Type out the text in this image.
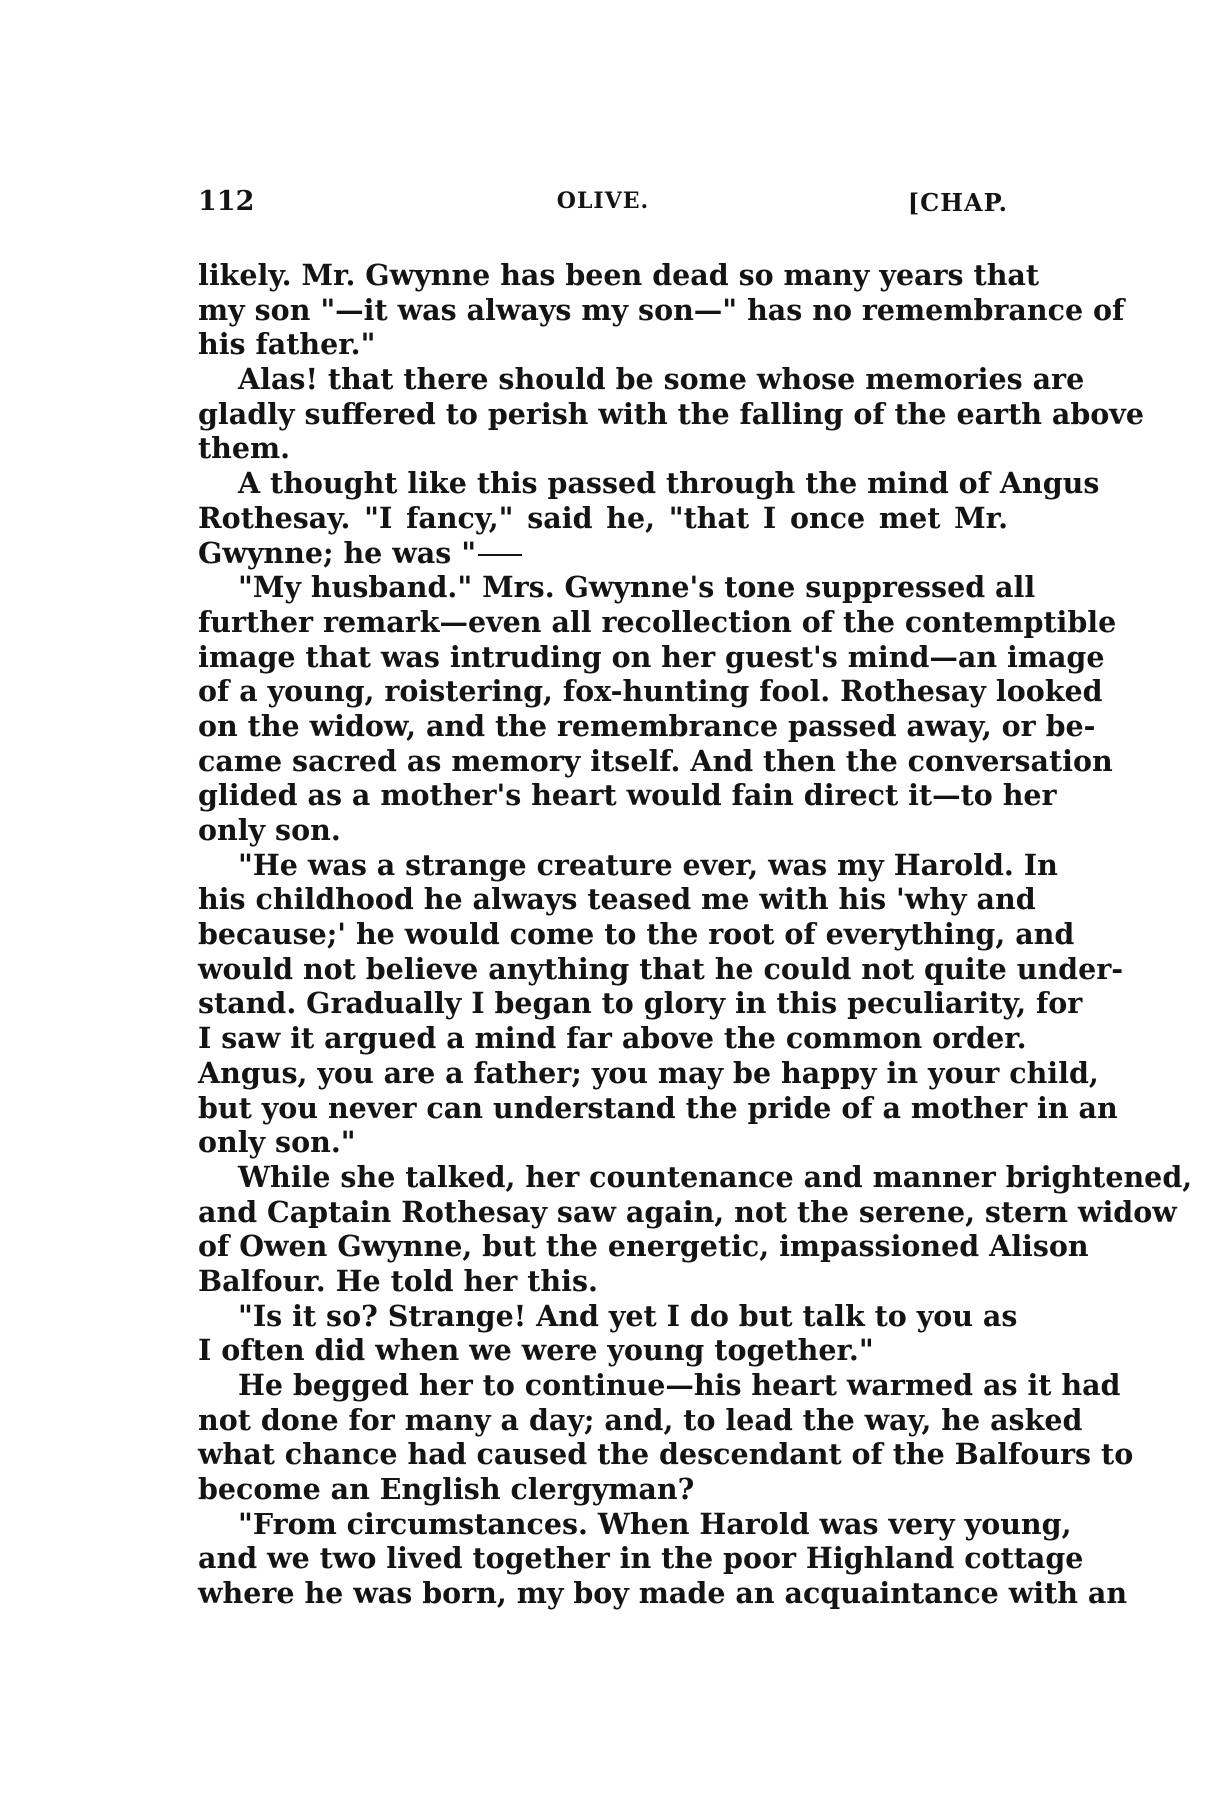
112	OLIVE.	[CHAP.
likely. Mr. Gwynne has been dead so many years that
my son "—it was always my son—" has no remembrance of
his father."
Alas! that there should be some whose memories are
gladly suffered to perish with the falling of the earth above
them.
A thought like this passed through the mind of Angus
Rothesay. "I fancy," said he, "that I once met Mr.
Gwynne; he was "
"My husband." Mrs. Gwynne's tone suppressed all
further remark—even all recollection of the contemptible
image that was intruding on her guest's mind—an image
of a young, roistering, fox-hunting fool. Rothesay looked
on the widow, and the remembrance passed away, or be-
came sacred as memory itself. And then the conversation
glided as a mother's heart would fain direct it—to her
only son.
"He was a strange creature ever, was my Harold. In
his childhood he always teased me with his 'why and
because;' he would come to the root of everything, and
would not believe anything that he could not quite under-
stand. Gradually I began to glory in this peculiarity, for
I saw it argued a mind far above the common order.
Angus, you are a father; you may be happy in your child,
but you never can understand the pride of a mother in an
only son."
While she talked, her countenance and manner brightened,
and Captain Rothesay saw again, not the serene, stern widow
of Owen Gwynne, but the energetic, impassioned Alison
Balfour. He told her this.
"Is it so? Strange! And yet I do but talk to you as
I often did when we were young together."
He begged her to continue—his heart warmed as it had
not done for many a day; and, to lead the way, he asked
what chance had caused the descendant of the Balfours to
become an English clergyman?
"From circumstances. When Harold was very young,
and we two lived together in the poor Highland cottage
where he was born, my boy made an acquaintance with an
